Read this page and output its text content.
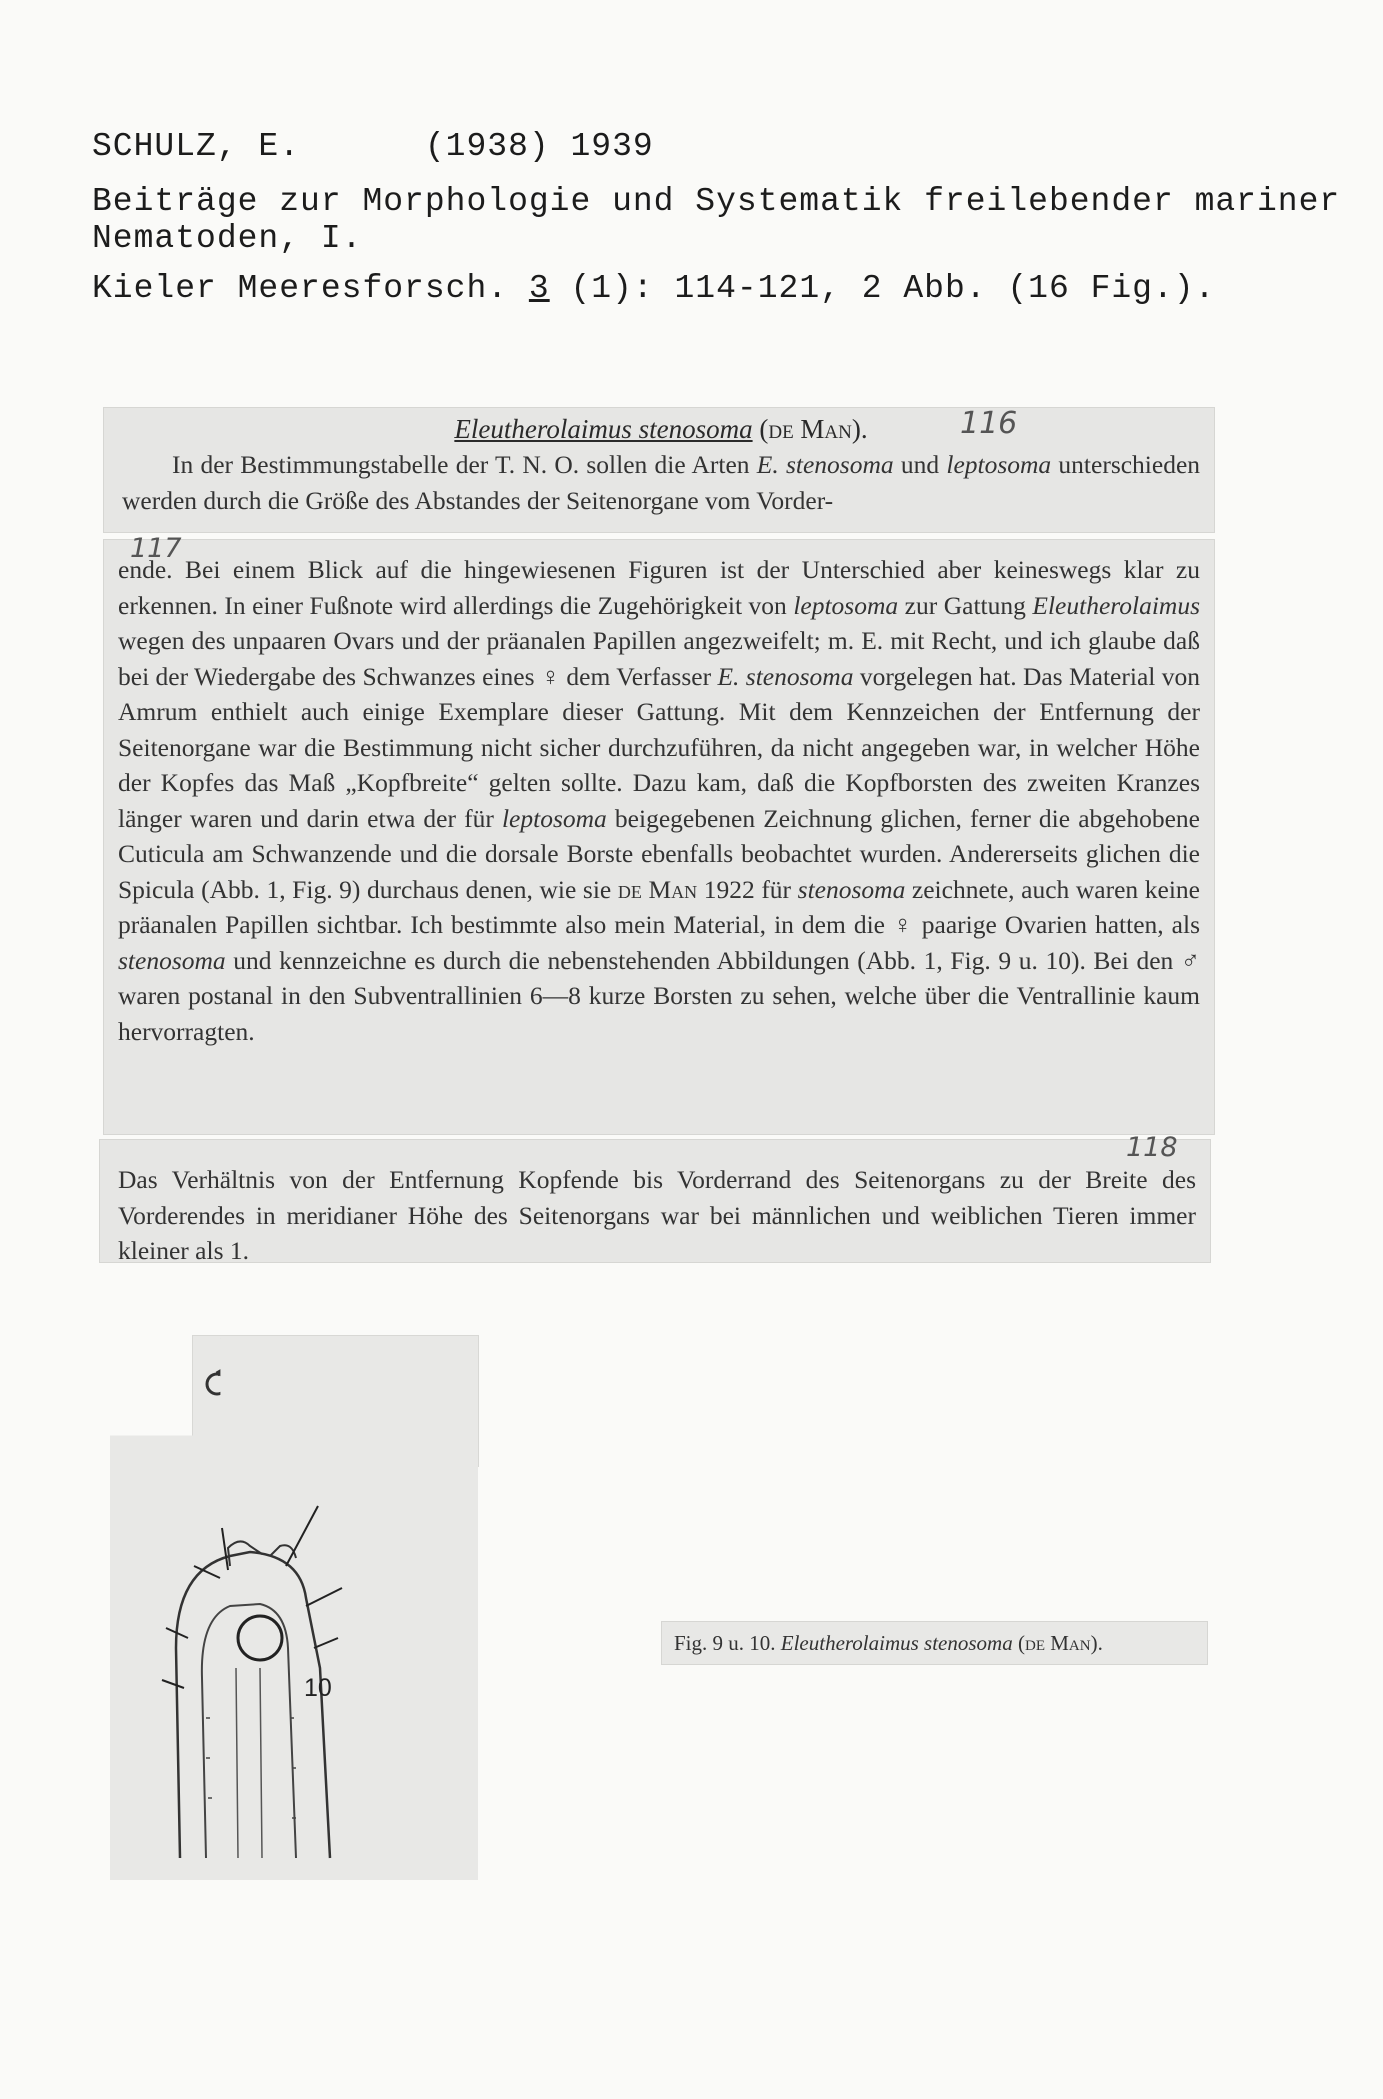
SCHULZ, E.	(1938) 1939
Beiträge zur Morphologie und Systematik freilebender mariner
Nematoden, I.
Kieler Meeresforsch. 3 (1): 114-121, 2 Abb. (16 Fig.).
Eleutherolaimus stenosoma (de Man).

In der Bestimmungstabelle der T. N. O. sollen die Arten E. stenosoma und leptosoma unterschieden werden durch die Größe des Abstandes der Seitenorgane vom Vorder-

116

ende. Bei einem Blick auf die hingewiesenen Figuren ist der Unterschied aber keineswegs klar zu erkennen. In einer Fußnote wird allerdings die Zugehörigkeit von leptosoma zur Gattung Eleutherolaimus wegen des unpaaren Ovars und der präanalen Papillen angezweifelt; m. E. mit Recht, und ich glaube daß bei der Wiedergabe des Schwanzes eines ♀ dem Verfasser E. stenosoma vorgelegen hat. Das Material von Amrum enthielt auch einige Exemplare dieser Gattung. Mit dem Kennzeichen der Entfernung der Seitenorgane war die Bestimmung nicht sicher durchzuführen, da nicht angegeben war, in welcher Höhe der Kopfes das Maß „Kopfbreite“ gelten sollte. Dazu kam, daß die Kopfborsten des zweiten Kranzes länger waren und darin etwa der für leptosoma beigegebenen Zeichnung glichen, ferner die abgehobene Cuticula am Schwanzende und die dorsale Borste ebenfalls beobachtet wurden. Andererseits glichen die Spicula (Abb. 1, Fig. 9) durchaus denen, wie sie de Man 1922 für stenosoma zeichnete, auch waren keine präanalen Papillen sichtbar. Ich bestimmte also mein Material, in dem die ♀ paarige Ovarien hatten, als stenosoma und kennzeichne es durch die nebenstehenden Abbildungen (Abb. 1, Fig. 9 u. 10). Bei den ♂ waren postanal in den Subventrallinien 6—8 kurze Borsten zu sehen, welche über die Ventrallinie kaum hervorragten.

117

Das Verhältnis von der Entfernung Kopfende bis Vorderrand des Seitenorgans zu der Breite des Vorderendes in meridianer Höhe des Seitenorgans war bei männlichen und weiblichen Tieren immer kleiner als 1.

118
10
Fig. 9 u. 10. Eleutherolaimus stenosoma (de Man).
